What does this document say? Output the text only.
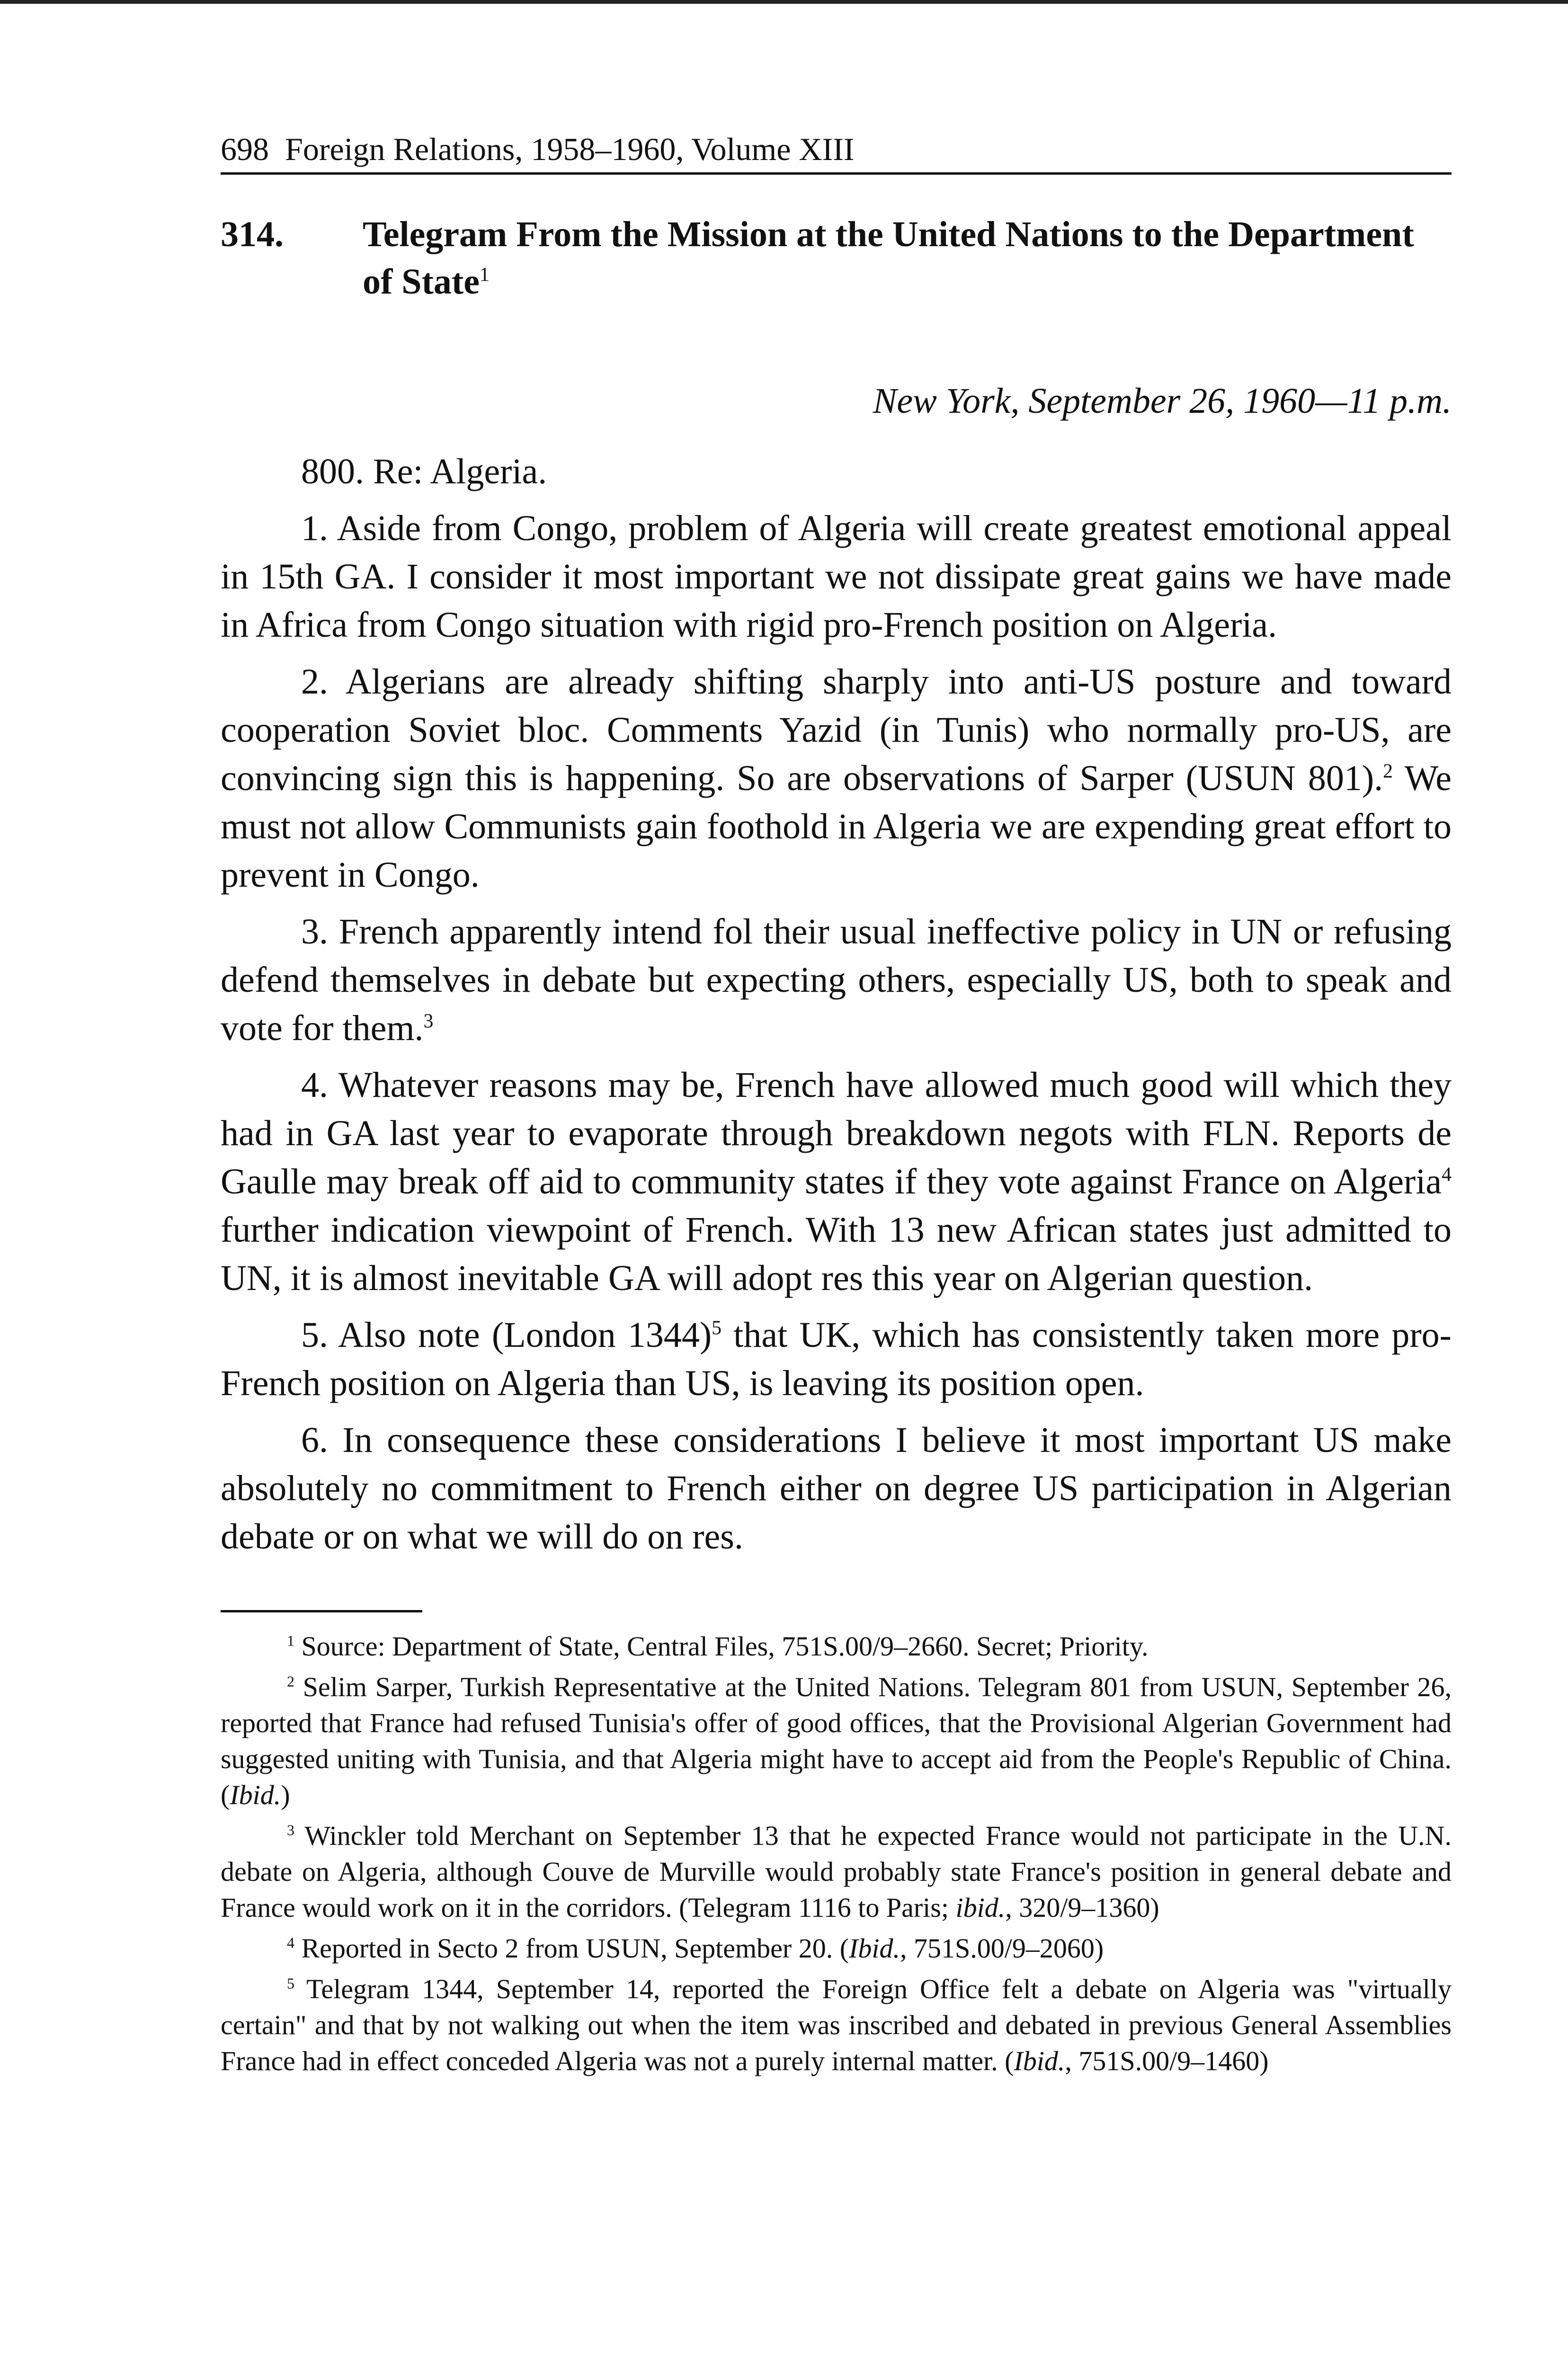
698 Foreign Relations, 1958–1960, Volume XIII
314.	Telegram From the Mission at the United Nations to the Department of State$^1$
New York, September 26, 1960—11 p.m.

800. Re: Algeria.

1. Aside from Congo, problem of Algeria will create greatest emotional appeal in 15th GA. I consider it most important we not dissipate great gains we have made in Africa from Congo situation with rigid pro-French position on Algeria.

2. Algerians are already shifting sharply into anti-US posture and toward cooperation Soviet bloc. Comments Yazid (in Tunis) who normally pro-US, are convincing sign this is happening. So are observations of Sarper (USUN 801).$^2$ We must not allow Communists gain foothold in Algeria we are expending great effort to prevent in Congo.

3. French apparently intend fol their usual ineffective policy in UN or refusing defend themselves in debate but expecting others, especially US, both to speak and vote for them.$^3$

4. Whatever reasons may be, French have allowed much good will which they had in GA last year to evaporate through breakdown negots with FLN. Reports de Gaulle may break off aid to community states if they vote against France on Algeria$^4$ further indication viewpoint of French. With 13 new African states just admitted to UN, it is almost inevitable GA will adopt res this year on Algerian question.

5. Also note (London 1344)$^5$ that UK, which has consistently taken more pro-French position on Algeria than US, is leaving its position open.

6. In consequence these considerations I believe it most important US make absolutely no commitment to French either on degree US participation in Algerian debate or on what we will do on res.

$^1$ Source: Department of State, Central Files, 751S.00/9–2660. Secret; Priority.

$^2$ Selim Sarper, Turkish Representative at the United Nations. Telegram 801 from USUN, September 26, reported that France had refused Tunisia's offer of good offices, that the Provisional Algerian Government had suggested uniting with Tunisia, and that Algeria might have to accept aid from the People's Republic of China. (Ibid.)

$^3$ Winckler told Merchant on September 13 that he expected France would not participate in the U.N. debate on Algeria, although Couve de Murville would probably state France's position in general debate and France would work on it in the corridors. (Telegram 1116 to Paris; ibid., 320/9–1360)

$^4$ Reported in Secto 2 from USUN, September 20. (Ibid., 751S.00/9–2060)

$^5$ Telegram 1344, September 14, reported the Foreign Office felt a debate on Algeria was "virtually certain" and that by not walking out when the item was inscribed and debated in previous General Assemblies France had in effect conceded Algeria was not a purely internal matter. (Ibid., 751S.00/9–1460)
